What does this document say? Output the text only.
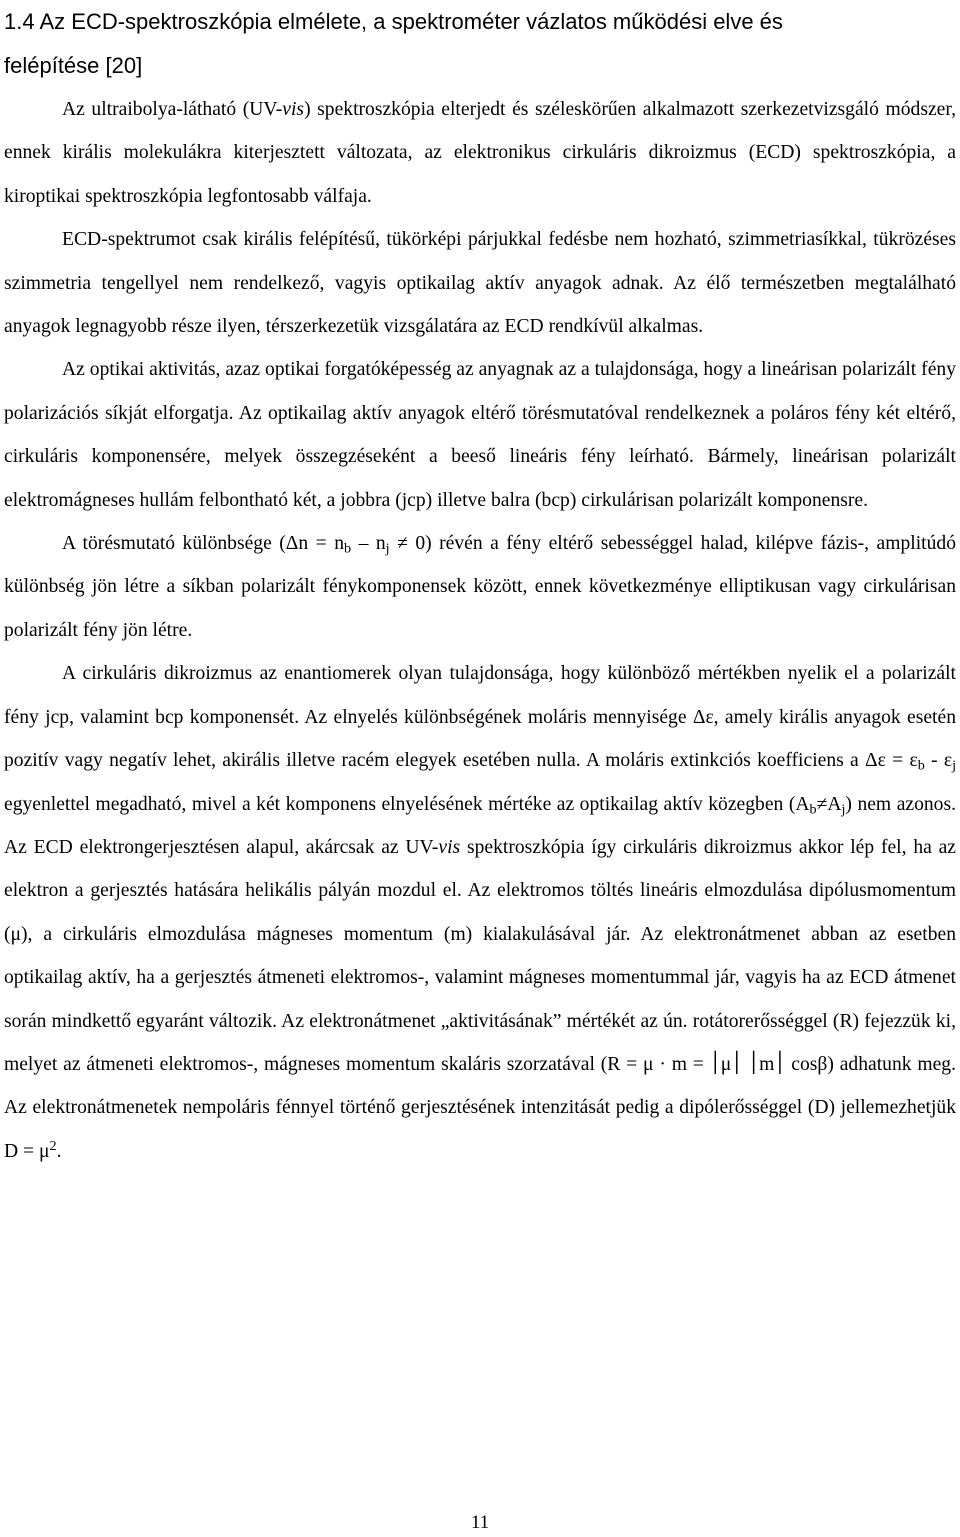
1.4 Az ECD-spektroszkópia elmélete, a spektrométer vázlatos működési elve és
felépítése [20]

Az ultraibolya-látható (UV-vis) spektroszkópia elterjedt és széleskörűen alkalmazott szerkezetvizsgáló módszer, ennek királis molekulákra kiterjesztett változata, az elektronikus cirkuláris dikroizmus (ECD) spektroszkópia, a kiroptikai spektroszkópia legfontosabb válfaja.

ECD-spektrumot csak királis felépítésű, tükörképi párjukkal fedésbe nem hozható, szimmetriasíkkal, tükrözéses szimmetria tengellyel nem rendelkező, vagyis optikailag aktív anyagok adnak. Az élő természetben megtalálható anyagok legnagyobb része ilyen, térszerkezetük vizsgálatára az ECD rendkívül alkalmas.

Az optikai aktivitás, azaz optikai forgatóképesség az anyagnak az a tulajdonsága, hogy a lineárisan polarizált fény polarizációs síkját elforgatja. Az optikailag aktív anyagok eltérő törésmutatóval rendelkeznek a poláros fény két eltérő, cirkuláris komponensére, melyek összegzéseként a beeső lineáris fény leírható. Bármely, lineárisan polarizált elektromágneses hullám felbontható két, a jobbra (jcp) illetve balra (bcp) cirkulárisan polarizált komponensre.

A törésmutató különbsége $(\Delta n = n_b - n_j \ne 0)$ révén a fény eltérő sebességgel halad, kilépve fázis-, amplitúdó különbség jön létre a síkban polarizált fénykomponensek között, ennek következménye elliptikusan vagy cirkulárisan polarizált fény jön létre.

A cirkuláris dikroizmus az enantiomerek olyan tulajdonsága, hogy különböző mértékben nyelik el a polarizált fény jcp, valamint bcp komponensét. Az elnyelés különbségének moláris mennyisége Δε, amely királis anyagok esetén pozitív vagy negatív lehet, akirális illetve racém elegyek esetében nulla. A moláris extinkciós koefficiens a $\Delta\varepsilon = \varepsilon_b - \varepsilon_j$ egyenlettel megadható, mivel a két komponens elnyelésének mértéke az optikailag aktív közegben $(A_b\ne A_j)$ nem azonos. Az ECD elektrongerjesztésen alapul, akárcsak az UV-vis spektroszkópia így cirkuláris dikroizmus akkor lép fel, ha az elektron a gerjesztés hatására helikális pályán mozdul el. Az elektromos töltés lineáris elmozdulása dipólusmomentum (μ), a cirkuláris elmozdulása mágneses momentum (m) kialakulásával jár. Az elektronátmenet abban az esetben optikailag aktív, ha a gerjesztés átmeneti elektromos-, valamint mágneses momentummal jár, vagyis ha az ECD átmenet során mindkettő egyaránt változik. Az elektronátmenet „aktivitásának” mértékét az ún. rotátorerősséggel (R) fejezzük ki, melyet az átmeneti elektromos-, mágneses momentum skaláris szorzatával (R = μ · m = ׀μ׀ ׀m׀ cosβ) adhatunk meg. Az elektronátmenetek nempoláris fénnyel történő gerjesztésének intenzitását pedig a dipólerősséggel (D) jellemezhetjük $D = \mu^2$.

11
